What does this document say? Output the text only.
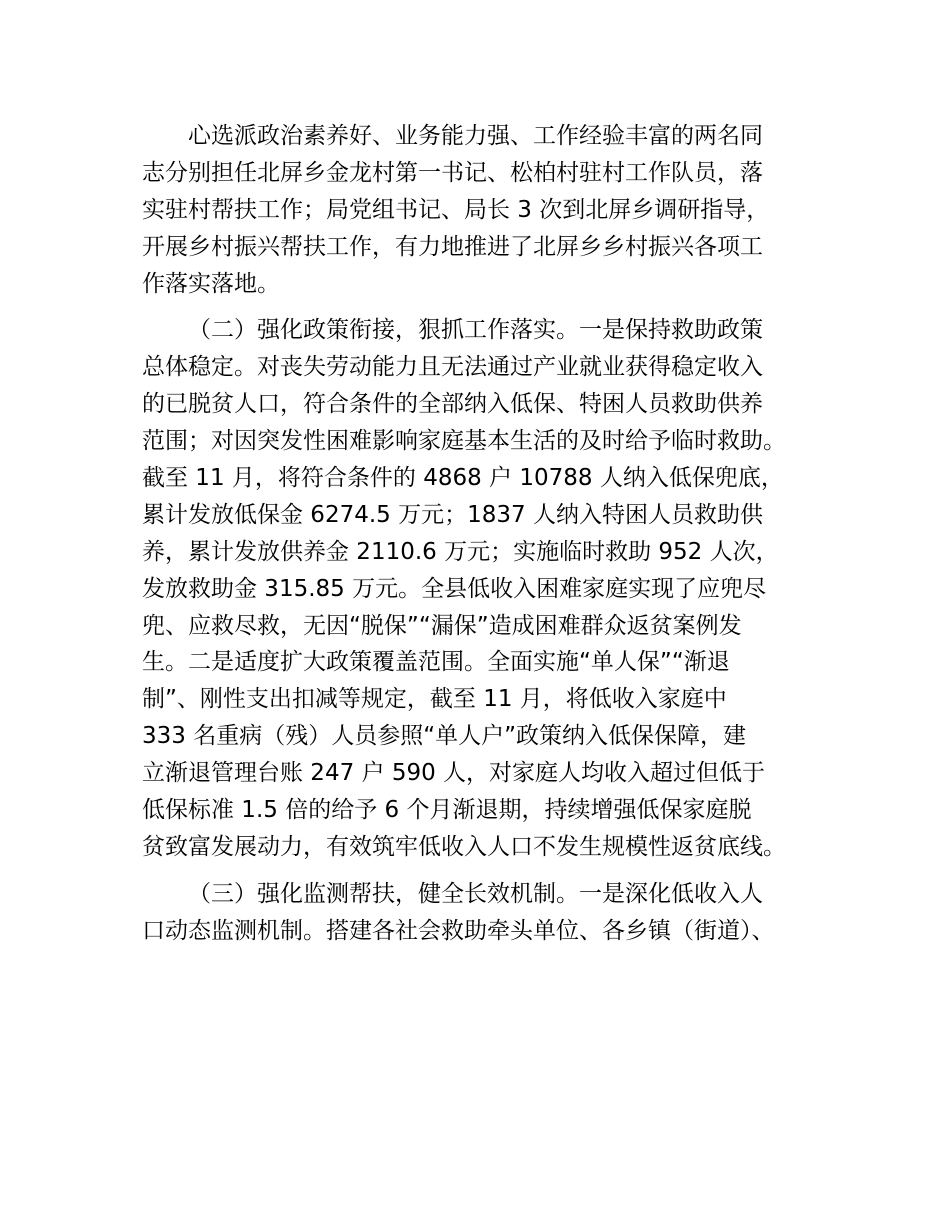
心选派政治素养好、业务能力强、工作经验丰富的两名同
志分别担任北屏乡金龙村第一书记、松柏村驻村工作队员，落
实驻村帮扶工作；局党组书记、局长 3 次到北屏乡调研指导，
开展乡村振兴帮扶工作，有力地推进了北屏乡乡村振兴各项工
作落实落地。
（二）强化政策衔接，狠抓工作落实。一是保持救助政策
总体稳定。对丧失劳动能力且无法通过产业就业获得稳定收入
的已脱贫人口，符合条件的全部纳入低保、特困人员救助供养
范围；对因突发性困难影响家庭基本生活的及时给予临时救助。
截至 11 月，将符合条件的 4868 户 10788 人纳入低保兜底，
累计发放低保金 6274.5 万元；1837 人纳入特困人员救助供
养，累计发放供养金 2110.6 万元；实施临时救助 952 人次，
发放救助金 315.85 万元。全县低收入困难家庭实现了应兜尽
兜、应救尽救，无因“脱保”“漏保”造成困难群众返贫案例发
生。二是适度扩大政策覆盖范围。全面实施“单人保”“渐退
制”、刚性支出扣减等规定，截至 11 月，将低收入家庭中
333 名重病（残）人员参照“单人户”政策纳入低保保障，建
立渐退管理台账 247 户 590 人，对家庭人均收入超过但低于
低保标准 1.5 倍的给予 6 个月渐退期，持续增强低保家庭脱
贫致富发展动力，有效筑牢低收入人口不发生规模性返贫底线。
（三）强化监测帮扶，健全长效机制。一是深化低收入人
口动态监测机制。搭建各社会救助牵头单位、各乡镇（街道）、
